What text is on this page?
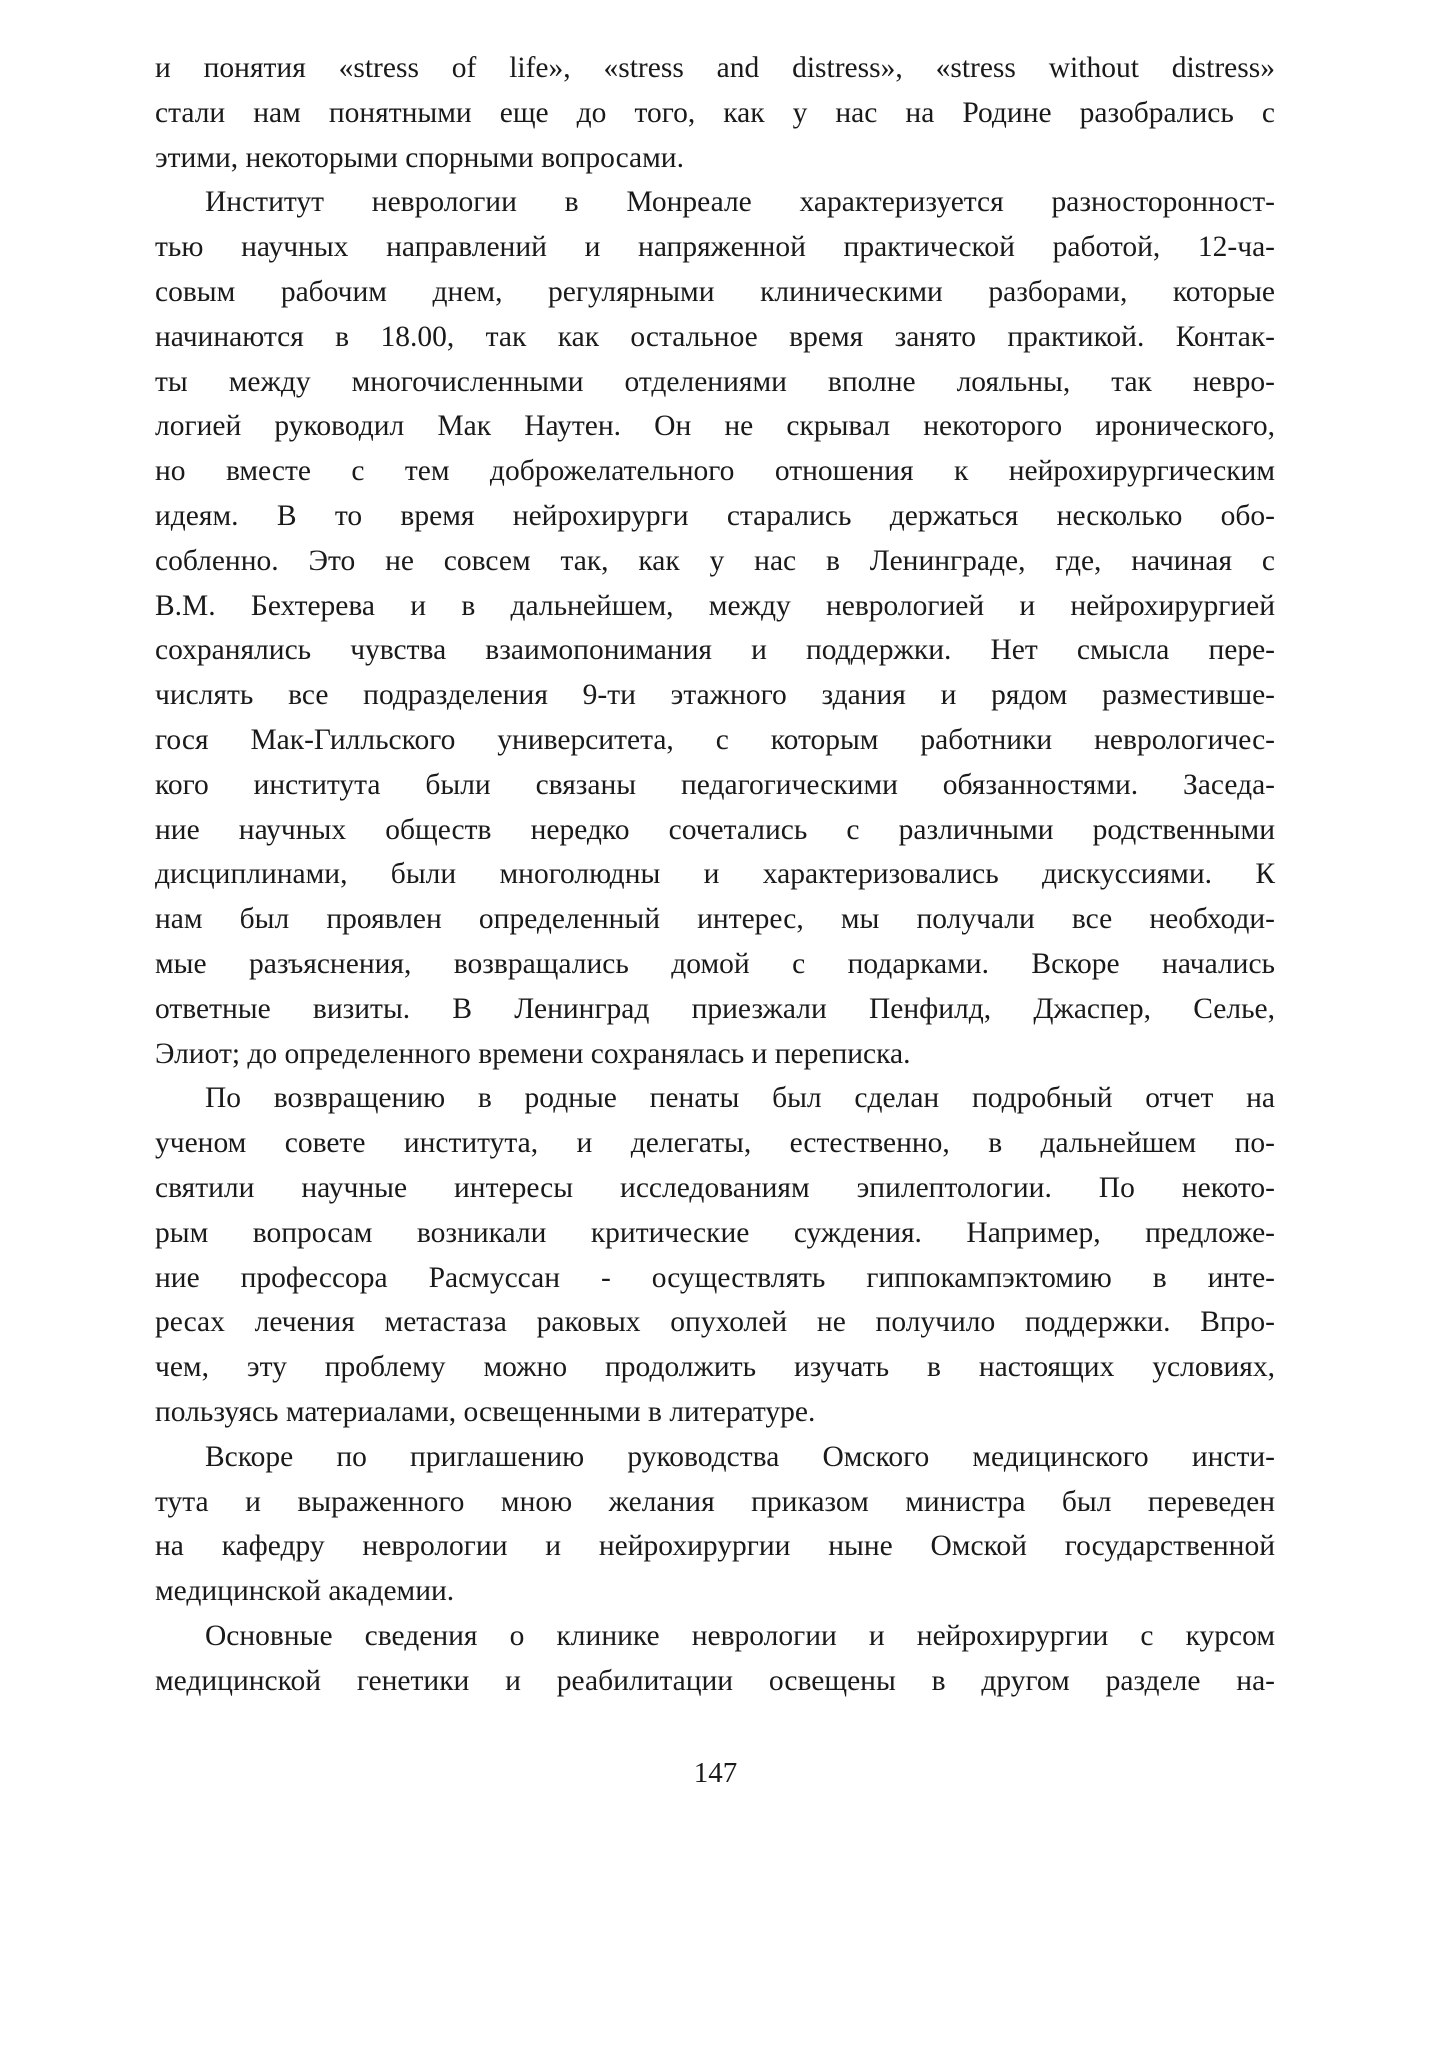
и понятия «stress of life», «stress and distress», «stress without distress»
стали нам понятными еще до того, как у нас на Родине разобрались с
этими, некоторыми спорными вопросами.
Институт неврологии в Монреале характеризуется разносторонност-
тью научных направлений и напряженной практической работой, 12-ча-
совым рабочим днем, регулярными клиническими разборами, которые
начинаются в 18.00, так как остальное время занято практикой. Контак-
ты между многочисленными отделениями вполне лояльны, так невро-
логией руководил Мак Наутен. Он не скрывал некоторого иронического,
но вместе с тем доброжелательного отношения к нейрохирургическим
идеям. В то время нейрохирурги старались держаться несколько обо-
собленно. Это не совсем так, как у нас в Ленинграде, где, начиная с
В.М. Бехтерева и в дальнейшем, между неврологией и нейрохирургией
сохранялись чувства взаимопонимания и поддержки. Нет смысла пере-
числять все подразделения 9-ти этажного здания и рядом разместивше-
гося Мак-Гилльского университета, с которым работники неврологичес-
кого института были связаны педагогическими обязанностями. Заседа-
ние научных обществ нередко сочетались с различными родственными
дисциплинами, были многолюдны и характеризовались дискуссиями. К
нам был проявлен определенный интерес, мы получали все необходи-
мые разъяснения, возвращались домой с подарками. Вскоре начались
ответные визиты. В Ленинград приезжали Пенфилд, Джаспер, Селье,
Элиот; до определенного времени сохранялась и переписка.
По возвращению в родные пенаты был сделан подробный отчет на
ученом совете института, и делегаты, естественно, в дальнейшем по-
святили научные интересы исследованиям эпилептологии. По некото-
рым вопросам возникали критические суждения. Например, предложе-
ние профессора Расмуссан - осуществлять гиппокампэктомию в инте-
ресах лечения метастаза раковых опухолей не получило поддержки. Впро-
чем, эту проблему можно продолжить изучать в настоящих условиях,
пользуясь материалами, освещенными в литературе.
Вскоре по приглашению руководства Омского медицинского инсти-
тута и выраженного мною желания приказом министра был переведен
на кафедру неврологии и нейрохирургии ныне Омской государственной
медицинской академии.
Основные сведения о клинике неврологии и нейрохирургии с курсом
медицинской генетики и реабилитации освещены в другом разделе на-
147
